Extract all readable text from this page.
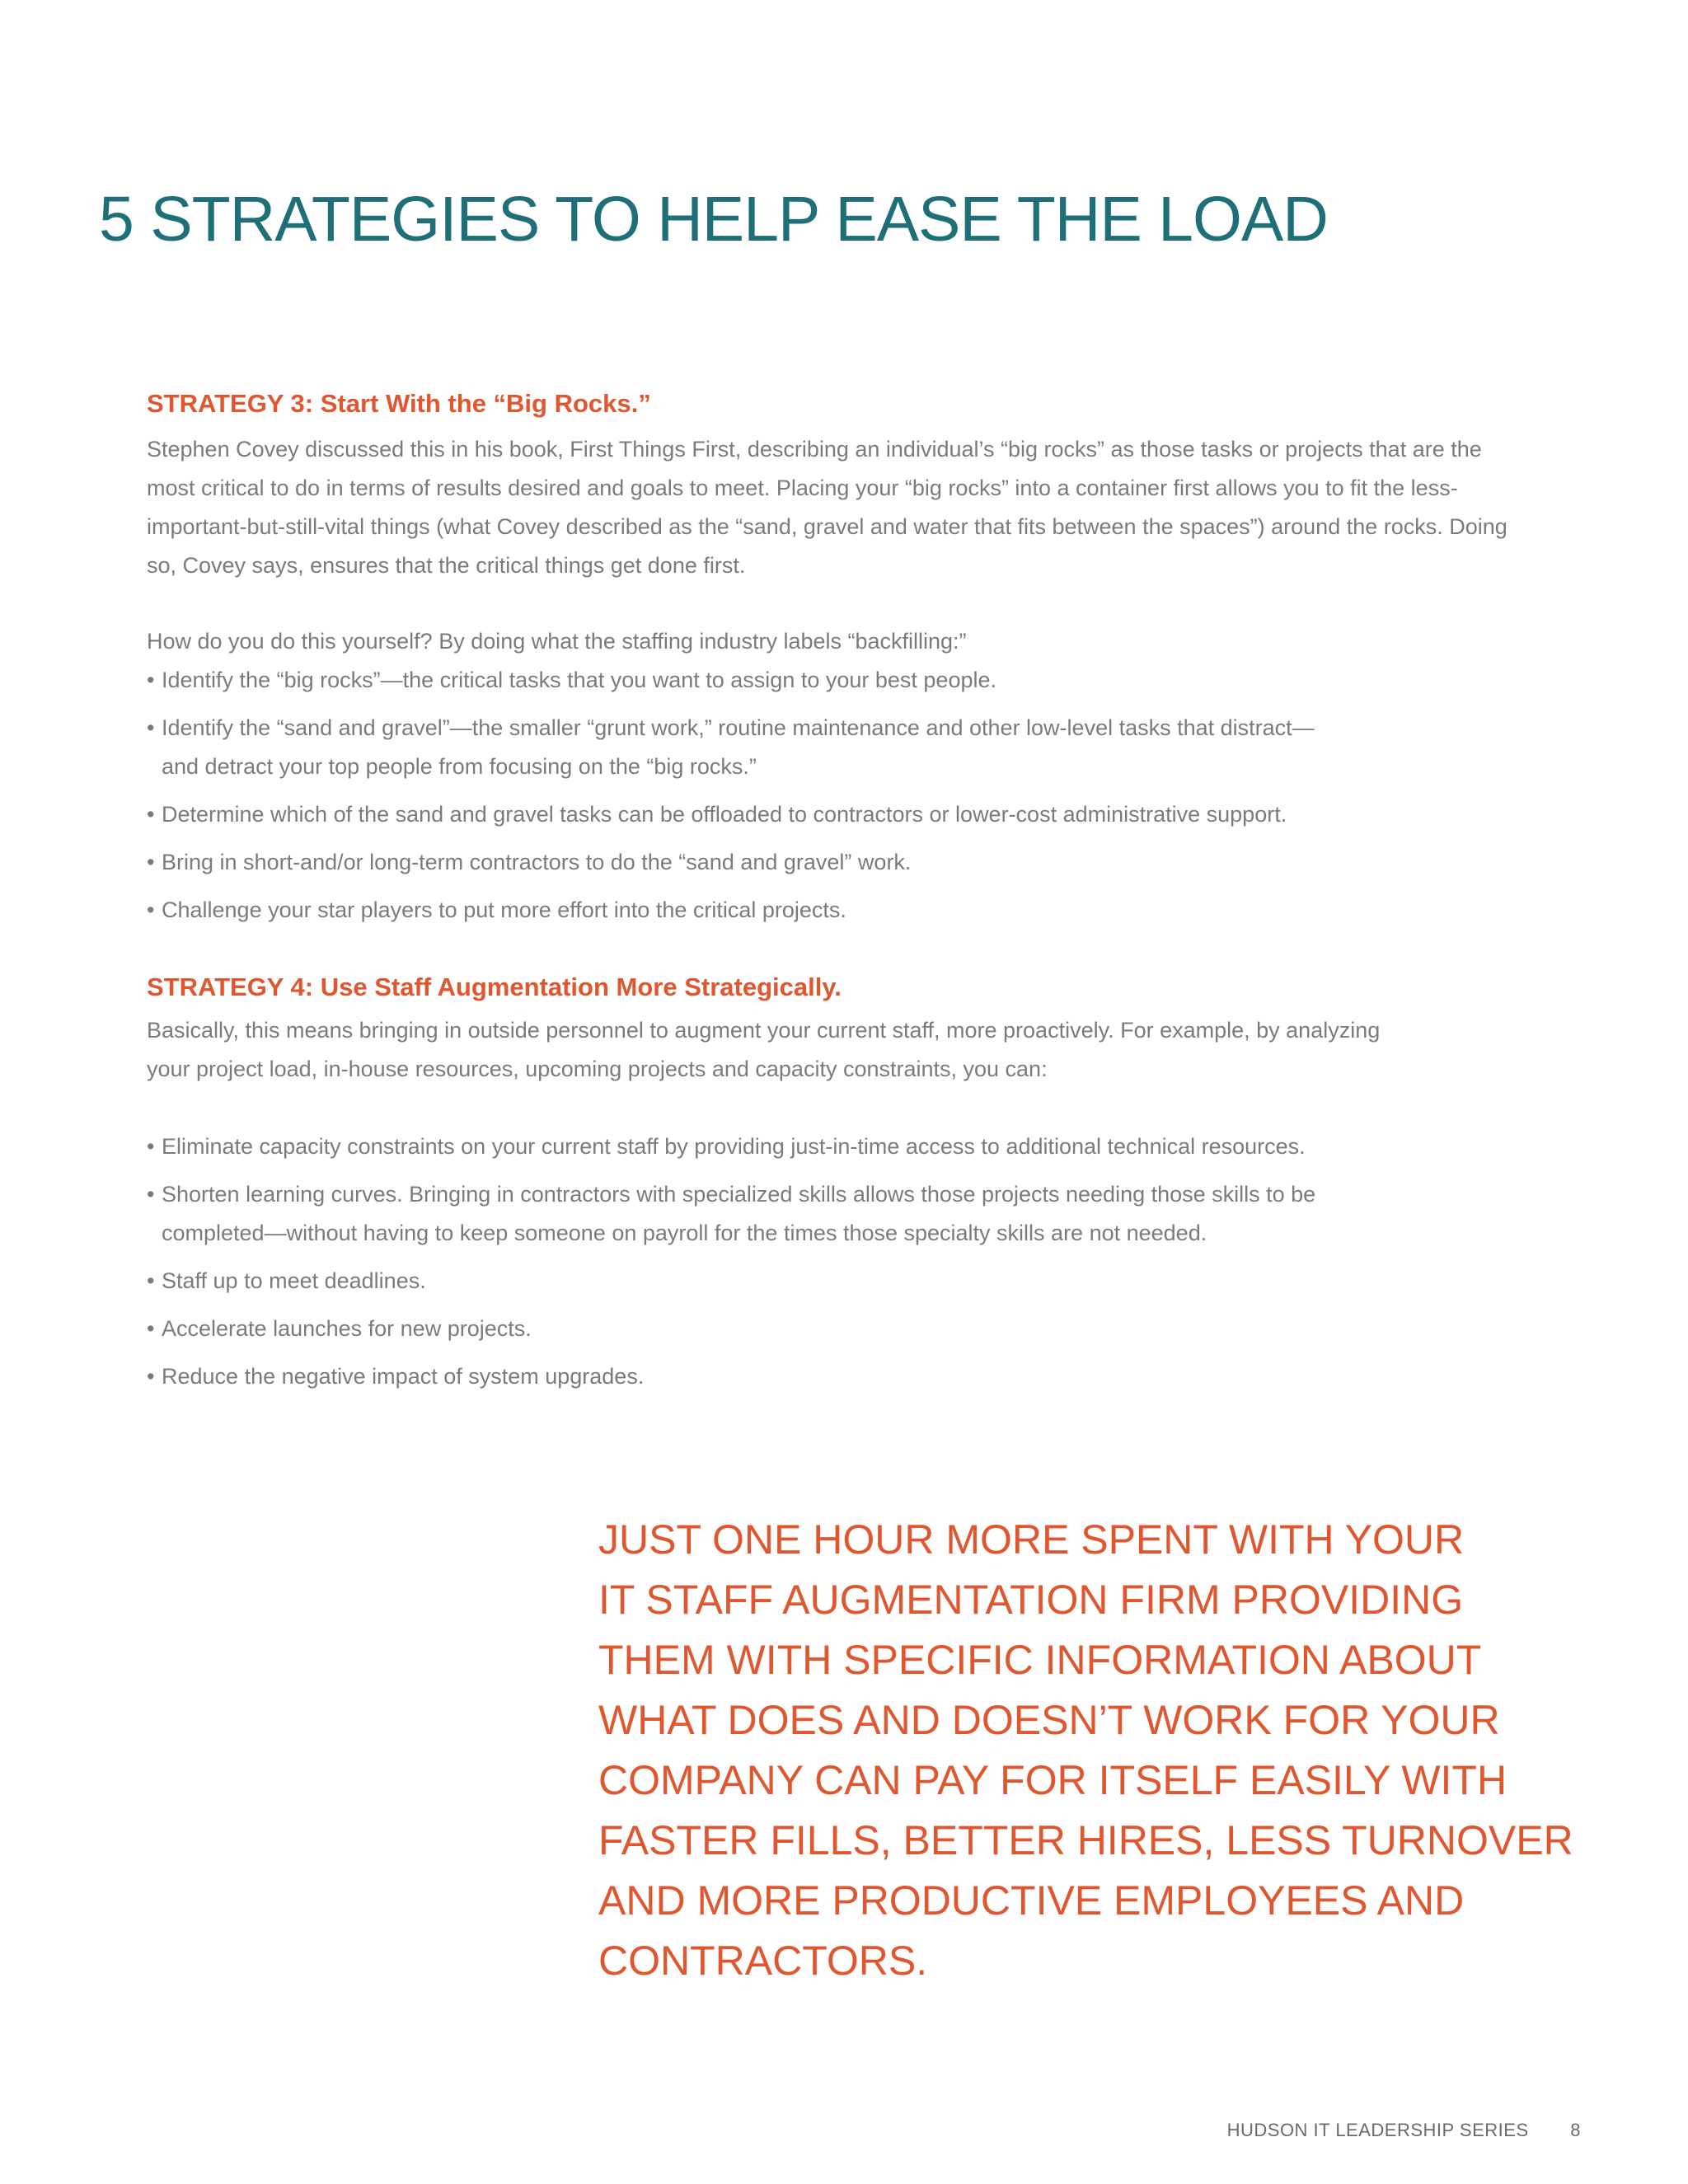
5 STRATEGIES TO HELP EASE THE LOAD
STRATEGY 3: Start With the “Big Rocks.”

Stephen Covey discussed this in his book, First Things First, describing an individual’s “big rocks” as those tasks or projects that are the most critical to do in terms of results desired and goals to meet. Placing your “big rocks” into a container first allows you to fit the less-important-but-still-vital things (what Covey described as the “sand, gravel and water that fits between the spaces”) around the rocks. Doing so, Covey says, ensures that the critical things get done first.

How do you do this yourself? By doing what the staffing industry labels “backfilling:”

• Identify the “big rocks”—the critical tasks that you want to assign to your best people.
• Identify the “sand and gravel”—the smaller “grunt work,” routine maintenance and other low-level tasks that distract— and detract your top people from focusing on the “big rocks.”
• Determine which of the sand and gravel tasks can be offloaded to contractors or lower-cost administrative support.
• Bring in short-and/or long-term contractors to do the “sand and gravel” work.
• Challenge your star players to put more effort into the critical projects.
STRATEGY 4: Use Staff Augmentation More Strategically.

Basically, this means bringing in outside personnel to augment your current staff, more proactively. For example, by analyzing your project load, in-house resources, upcoming projects and capacity constraints, you can:

• Eliminate capacity constraints on your current staff by providing just-in-time access to additional technical resources.
• Shorten learning curves. Bringing in contractors with specialized skills allows those projects needing those skills to be completed—without having to keep someone on payroll for the times those specialty skills are not needed.
• Staff up to meet deadlines.
• Accelerate launches for new projects.
• Reduce the negative impact of system upgrades.
JUST ONE HOUR MORE SPENT WITH YOUR
IT STAFF AUGMENTATION FIRM PROVIDING
THEM WITH SPECIFIC INFORMATION ABOUT
WHAT DOES AND DOESN’T WORK FOR YOUR
COMPANY CAN PAY FOR ITSELF EASILY WITH
FASTER FILLS, BETTER HIRES, LESS TURNOVER
AND MORE PRODUCTIVE EMPLOYEES AND
CONTRACTORS.
HUDSON IT LEADERSHIP SERIES 8
